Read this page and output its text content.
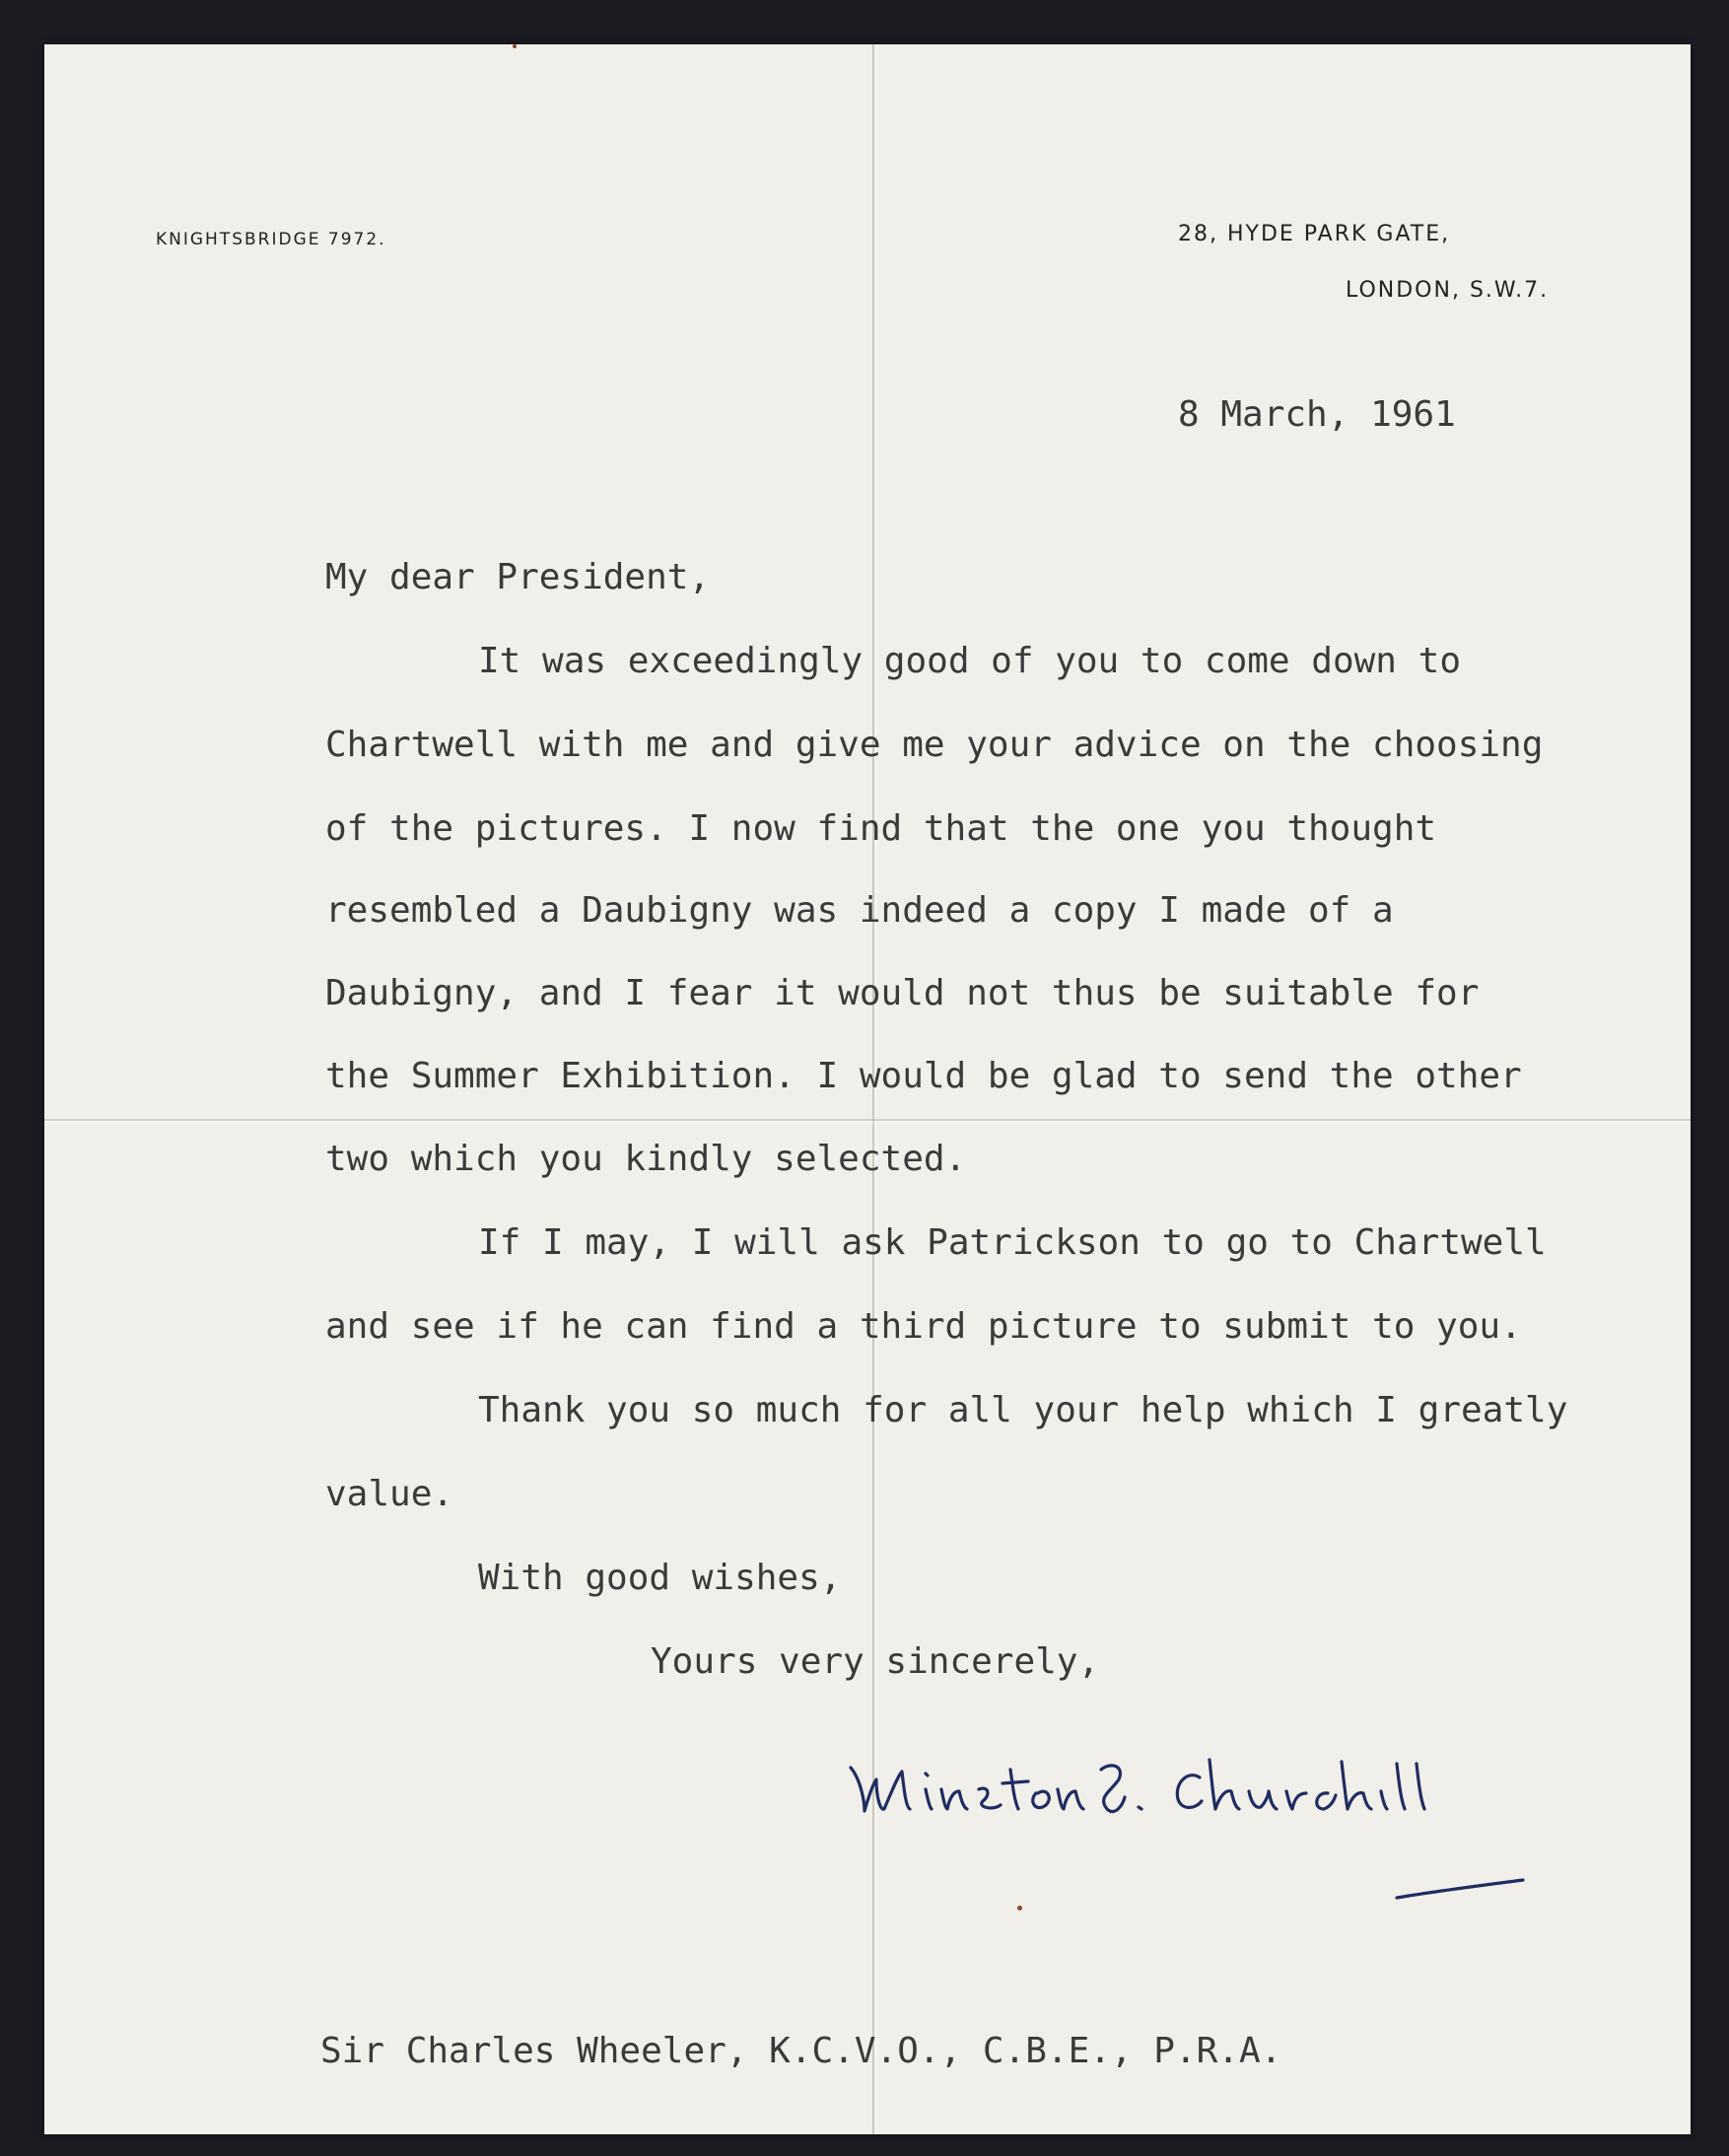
KNIGHTSBRIDGE 7972.	28, HYDE PARK GATE,
LONDON, S.W.7.
8 March, 1961
My dear President,
It was exceedingly good of you to come down to
Chartwell with me and give me your advice on the choosing
of the pictures. I now find that the one you thought
resembled a Daubigny was indeed a copy I made of a
Daubigny, and I fear it would not thus be suitable for
the Summer Exhibition. I would be glad to send the other
two which you kindly selected.
If I may, I will ask Patrickson to go to Chartwell
and see if he can find a third picture to submit to you.
Thank you so much for all your help which I greatly
value.
With good wishes,
Yours very sincerely,
Sir Charles Wheeler, K.C.V.O., C.B.E., P.R.A.
